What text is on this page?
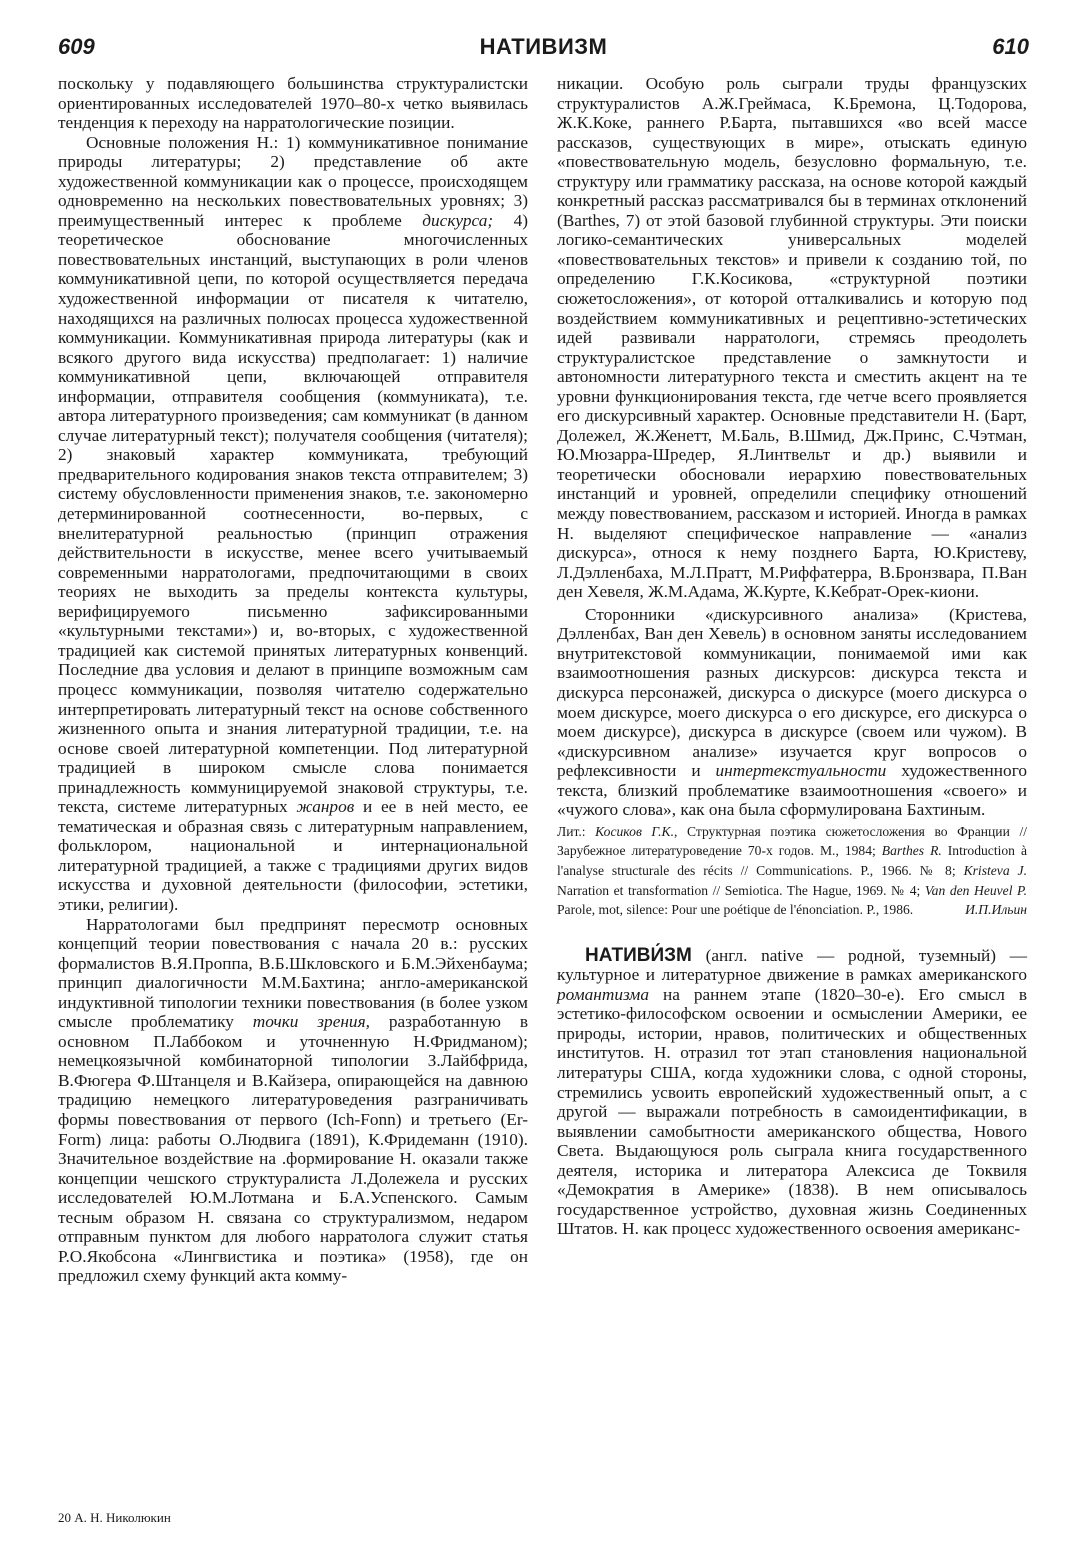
609	НАТИВИЗМ	610

поскольку у подавляющего большинства структуралистски ориентированных исследователей 1970–80-х четко выявилась тенденция к переходу на нарратологические позиции.

Основные положения Н.: 1) коммуникативное понимание природы литературы; 2) представление об акте художественной коммуникации как о процессе, происходящем одновременно на нескольких повествовательных уровнях; 3) преимущественный интерес к проблеме дискурса; 4) теоретическое обоснование многочисленных повествовательных инстанций, выступающих в роли членов коммуникативной цепи, по которой осуществляется передача художественной информации от писателя к читателю, находящихся на различных полюсах процесса художественной коммуникации. Коммуникативная природа литературы (как и всякого другого вида искусства) предполагает: 1) наличие коммуникативной цепи, включающей отправителя информации, отправителя сообщения (коммуниката), т.е. автора литературного произведения; сам коммуникат (в данном случае литературный текст); получателя сообщения (читателя); 2) знаковый характер коммуниката, требующий предварительного кодирования знаков текста отправителем; 3) систему обусловленности применения знаков, т.е. закономерно детерминированной соотнесенности, во-первых, с внелитературной реальностью (принцип отражения действительности в искусстве, менее всего учитываемый современными нарратологами, предпочитающими в своих теориях не выходить за пределы контекста культуры, верифицируемого письменно зафиксированными «культурными текстами») и, во-вторых, с художественной традицией как системой принятых литературных конвенций. Последние два условия и делают в принципе возможным сам процесс коммуникации, позволяя читателю содержательно интерпретировать литературный текст на основе собственного жизненного опыта и знания литературной традиции, т.е. на основе своей литературной компетенции. Под литературной традицией в широком смысле слова понимается принадлежность коммуницируемой знаковой структуры, т.е. текста, системе литературных жанров и ее в ней место, ее тематическая и образная связь с литературным направлением, фольклором, национальной и интернациональной литературной традицией, а также с традициями других видов искусства и духовной деятельности (философии, эстетики, этики, религии).

Нарратологами был предпринят пересмотр основных концепций теории повествования с начала 20 в.: русских формалистов В.Я.Проппа, В.Б.Шкловского и Б.М.Эйхенбаума; принцип диалогичности М.М.Бахтина; англо-американской индуктивной типологии техники повествования (в более узком смысле проблематику точки зрения, разработанную в основном П.Лаббоком и уточненную Н.Фридманом); немецкоязычной комбинаторной типологии З.Лайбфрида, В.Фюгера Ф.Штанцеля и В.Кайзера, опирающейся на давнюю традицию немецкого литературоведения разграничивать формы повествования от первого (Ich-Fonn) и третьего (Er-Form) лица: работы О.Людвига (1891), К.Фридеманн (1910). Значительное воздействие на .формирование Н. оказали также концепции чешского структуралиста Л.Долежела и русских исследователей Ю.М.Лотмана и Б.А.Успенского. Самым тесным образом Н. связана со структурализмом, недаром отправным пунктом для любого нарратолога служит статья Р.О.Якобсона «Лингвистика и поэтика» (1958), где он предложил схему функций акта комму-

никации. Особую роль сыграли труды французских структуралистов А.Ж.Греймаса, К.Бремона, Ц.Тодорова, Ж.К.Коке, раннего Р.Барта, пытавшихся «во всей массе рассказов, существующих в мире», отыскать единую «повествовательную модель, безусловно формальную, т.е. структуру или грамматику рассказа, на основе которой каждый конкретный рассказ рассматривался бы в терминах отклонений (Barthes, 7) от этой базовой глубинной структуры. Эти поиски логико-семантических универсальных моделей «повествовательных текстов» и привели к созданию той, по определению Г.К.Косикова, «структурной поэтики сюжетосложения», от которой отталкивались и которую под воздействием коммуникативных и рецептивно-эстетических идей развивали нарратологи, стремясь преодолеть структуралистское представление о замкнутости и автономности литературного текста и сместить акцент на те уровни функционирования текста, где четче всего проявляется его дискурсивный характер. Основные представители Н. (Барт, Долежел, Ж.Женетт, М.Баль, В.Шмид, Дж.Принс, С.Чэтман, Ю.Мюзарра-Шредер, Я.Линтвельт и др.) выявили и теоретически обосновали иерархию повествовательных инстанций и уровней, определили специфику отношений между повествованием, рассказом и историей. Иногда в рамках Н. выделяют специфическое направление — «анализ дискурса», относя к нему позднего Барта, Ю.Кристеву, Л.Дэлленбаха, М.Л.Пратт, М.Риффатерра, В.Бронзвара, П.Ван ден Хевеля, Ж.М.Адама, Ж.Курте, К.Кебрат-Орек-киони.

Сторонники «дискурсивного анализа» (Кристева, Дэлленбах, Ван ден Хевель) в основном заняты исследованием внутритекстовой коммуникации, понимаемой ими как взаимоотношения разных дискурсов: дискурса текста и дискурса персонажей, дискурса о дискурсе (моего дискурса о моем дискурсе, моего дискурса о его дискурсе, его дискурса о моем дискурсе), дискурса в дискурсе (своем или чужом). В «дискурсивном анализе» изучается круг вопросов о рефлексивности и интертекстуальности художественного текста, близкий проблематике взаимоотношения «своего» и «чужого слова», как она была сформулирована Бахтиным.

Лит.: Косиков Г.К., Структурная поэтика сюжетосложения во Франции // Зарубежное литературоведение 70-х годов. М., 1984; Barthes R. Introduction à l'analyse structurale des récits // Communications. P., 1966. № 8; Kristeva J. Narration et transformation // Semiotica. The Hague, 1969. № 4; Van den Heuvel P. Parole, mot, silence: Pour une poétique de l'énonciation. P., 1986.	И.П.Ильин

НАТИВИ́ЗМ (англ. native — родной, туземный) — культурное и литературное движение в рамках американского романтизма на раннем этапе (1820–30-е). Его смысл в эстетико-философском освоении и осмыслении Америки, ее природы, истории, нравов, политических и общественных институтов. Н. отразил тот этап становления национальной литературы США, когда художники слова, с одной стороны, стремились усвоить европейский художественный опыт, а с другой — выражали потребность в самоидентификации, в выявлении самобытности американского общества, Нового Света. Выдающуюся роль сыграла книга государственного деятеля, историка и литератора Алексиса де Токвиля «Демократия в Америке» (1838). В нем описывалось государственное устройство, духовная жизнь Соединенных Штатов. Н. как процесс художественного освоения американс-

20 А. Н. Николюкин
